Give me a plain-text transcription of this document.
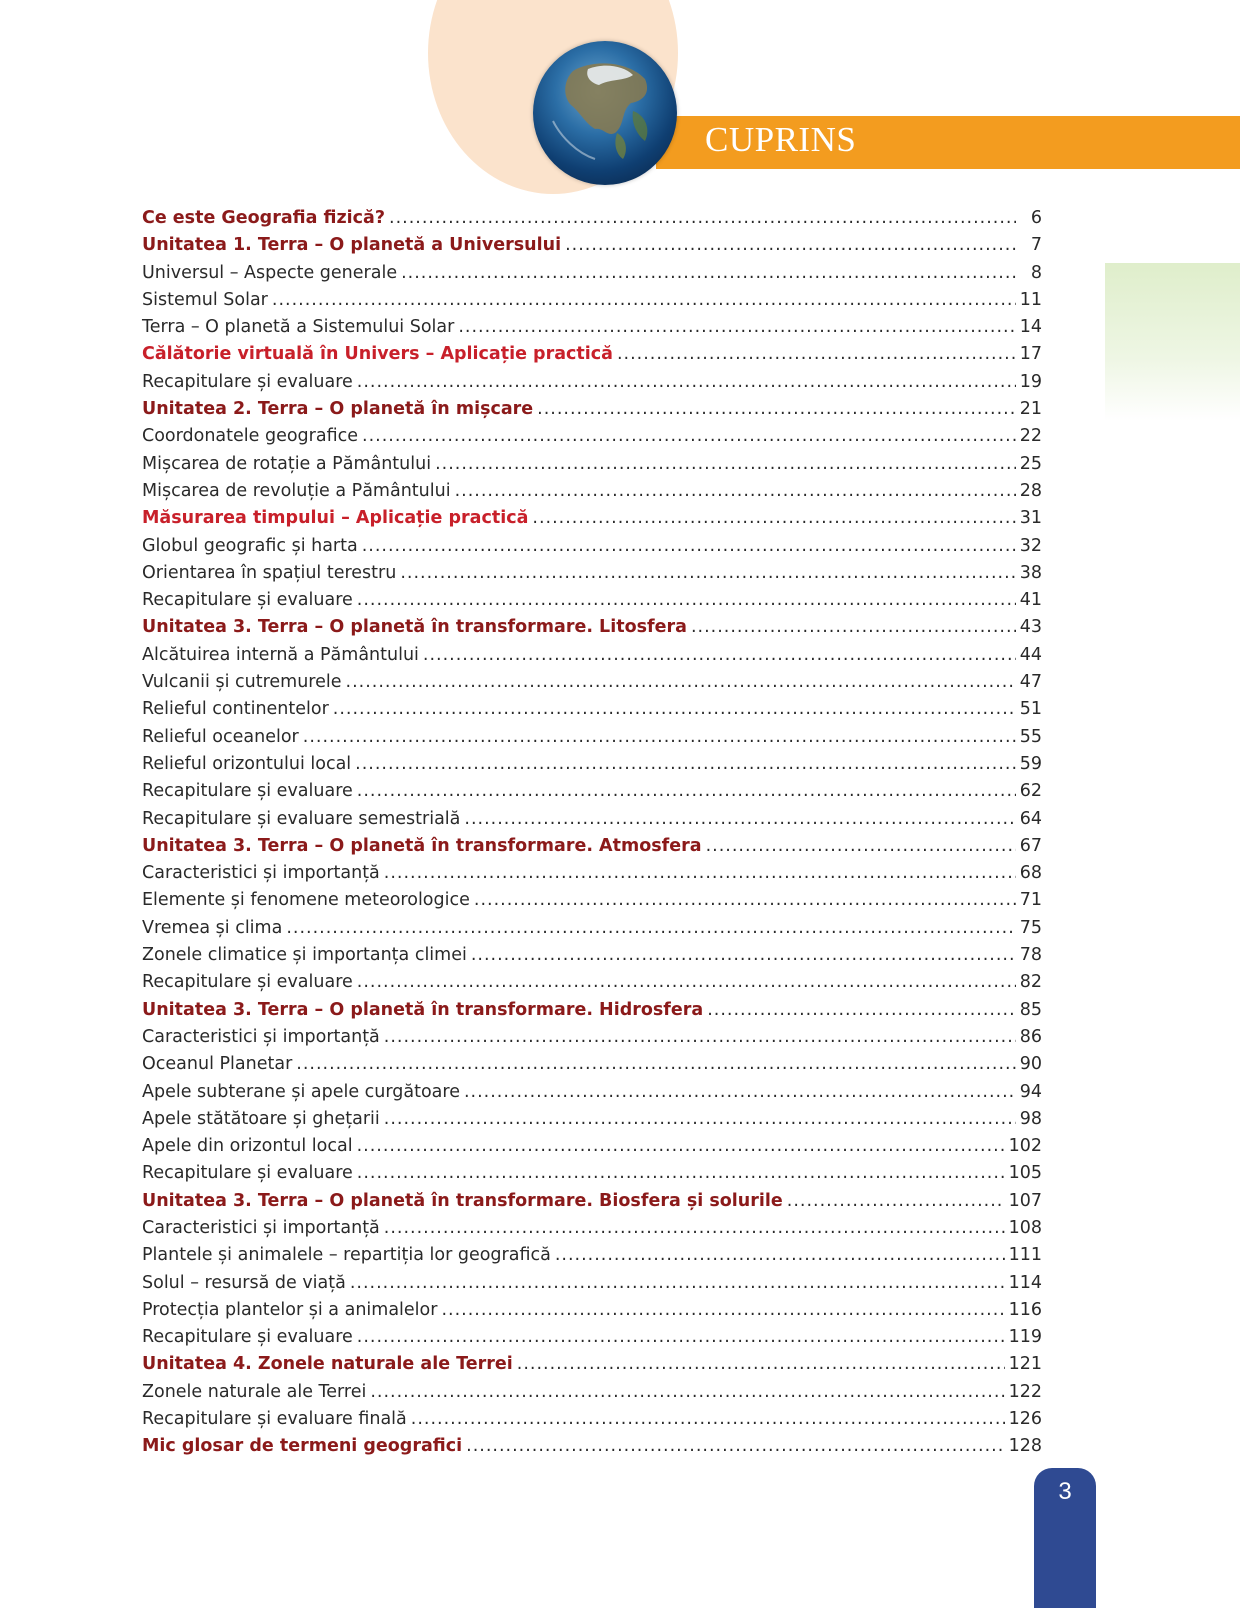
CUPRINS
Ce este Geografia fizică? .....	6
Unitatea 1. Terra – O planetă a Universului .....	7
Universul – Aspecte generale .....	8
Sistemul Solar .....	11
Terra – O planetă a Sistemului Solar .....	14
Călătorie virtuală în Univers – Aplicație practică .....	17
Recapitulare și evaluare .....	19
Unitatea 2. Terra – O planetă în mișcare .....	21
Coordonatele geografice .....	22
Mișcarea de rotație a Pământului .....	25
Mișcarea de revoluție a Pământului .....	28
Măsurarea timpului – Aplicație practică .....	31
Globul geografic și harta .....	32
Orientarea în spațiul terestru .....	38
Recapitulare și evaluare .....	41
Unitatea 3. Terra – O planetă în transformare. Litosfera .....	43
Alcătuirea internă a Pământului .....	44
Vulcanii și cutremurele .....	47
Relieful continentelor .....	51
Relieful oceanelor .....	55
Relieful orizontului local .....	59
Recapitulare și evaluare .....	62
Recapitulare și evaluare semestrială .....	64
Unitatea 3. Terra – O planetă în transformare. Atmosfera .....	67
Caracteristici și importanță .....	68
Elemente și fenomene meteorologice .....	71
Vremea și clima .....	75
Zonele climatice și importanța climei .....	78
Recapitulare și evaluare .....	82
Unitatea 3. Terra – O planetă în transformare. Hidrosfera .....	85
Caracteristici și importanță .....	86
Oceanul Planetar .....	90
Apele subterane și apele curgătoare .....	94
Apele stătătoare și ghețarii .....	98
Apele din orizontul local .....	102
Recapitulare și evaluare .....	105
Unitatea 3. Terra – O planetă în transformare. Biosfera și solurile .....	107
Caracteristici și importanță .....	108
Plantele și animalele – repartiția lor geografică .....	111
Solul – resursă de viață .....	114
Protecția plantelor și a animalelor .....	116
Recapitulare și evaluare .....	119
Unitatea 4. Zonele naturale ale Terrei .....	121
Zonele naturale ale Terrei .....	122
Recapitulare și evaluare finală .....	126
Mic glosar de termeni geografici .....	128
3
